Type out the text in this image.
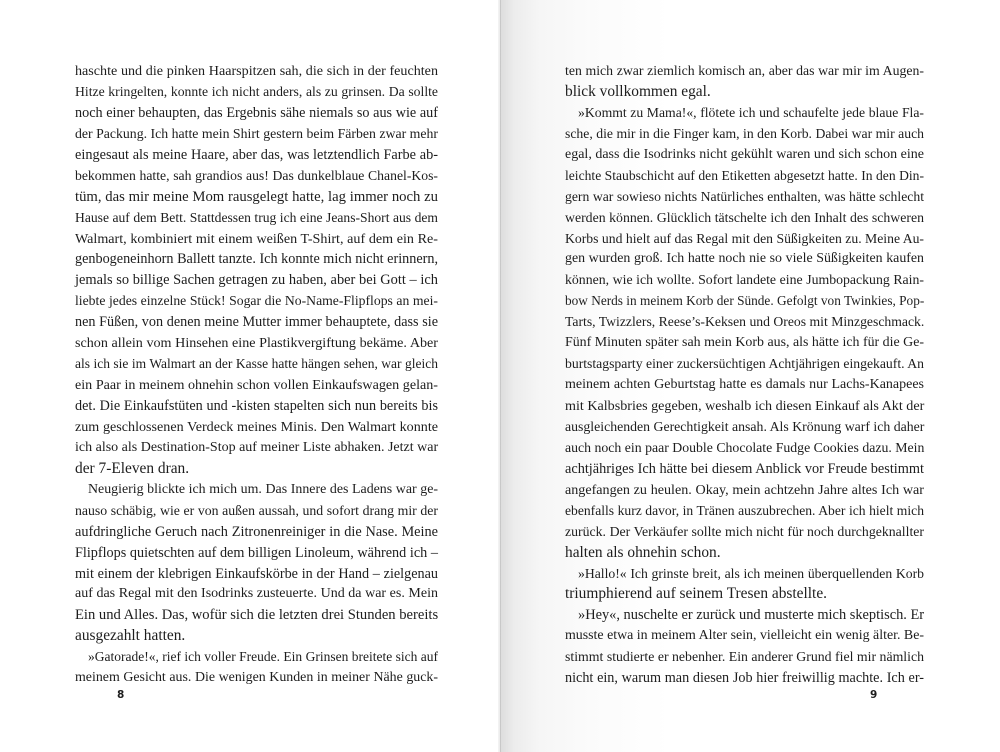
haschte und die pinken Haarspitzen sah, die sich in der feuchten
Hitze kringelten, konnte ich nicht anders, als zu grinsen. Da sollte
noch einer behaupten, das Ergebnis sähe niemals so aus wie auf
der Packung. Ich hatte mein Shirt gestern beim Färben zwar mehr
eingesaut als meine Haare, aber das, was letztendlich Farbe ab-
bekommen hatte, sah grandios aus! Das dunkelblaue Chanel-Kos-
tüm, das mir meine Mom rausgelegt hatte, lag immer noch zu
Hause auf dem Bett. Stattdessen trug ich eine Jeans-Short aus dem
Walmart, kombiniert mit einem weißen T-Shirt, auf dem ein Re-
genbogeneinhorn Ballett tanzte. Ich konnte mich nicht erinnern,
jemals so billige Sachen getragen zu haben, aber bei Gott – ich
liebte jedes einzelne Stück! Sogar die No-Name-Flipflops an mei-
nen Füßen, von denen meine Mutter immer behauptete, dass sie
schon allein vom Hinsehen eine Plastikvergiftung bekäme. Aber
als ich sie im Walmart an der Kasse hatte hängen sehen, war gleich
ein Paar in meinem ohnehin schon vollen Einkaufswagen gelan-
det. Die Einkaufstüten und -kisten stapelten sich nun bereits bis
zum geschlossenen Verdeck meines Minis. Den Walmart konnte
ich also als Destination-Stop auf meiner Liste abhaken. Jetzt war
der 7-Eleven dran.
Neugierig blickte ich mich um. Das Innere des Ladens war ge-
nauso schäbig, wie er von außen aussah, und sofort drang mir der
aufdringliche Geruch nach Zitronenreiniger in die Nase. Meine
Flipflops quietschten auf dem billigen Linoleum, während ich –
mit einem der klebrigen Einkaufskörbe in der Hand – zielgenau
auf das Regal mit den Isodrinks zusteuerte. Und da war es. Mein
Ein und Alles. Das, wofür sich die letzten drei Stunden bereits
ausgezahlt hatten.
»Gatorade!«, rief ich voller Freude. Ein Grinsen breitete sich auf
meinem Gesicht aus. Die wenigen Kunden in meiner Nähe guck-
8
ten mich zwar ziemlich komisch an, aber das war mir im Augen-
blick vollkommen egal.
»Kommt zu Mama!«, flötete ich und schaufelte jede blaue Fla-
sche, die mir in die Finger kam, in den Korb. Dabei war mir auch
egal, dass die Isodrinks nicht gekühlt waren und sich schon eine
leichte Staubschicht auf den Etiketten abgesetzt hatte. In den Din-
gern war sowieso nichts Natürliches enthalten, was hätte schlecht
werden können. Glücklich tätschelte ich den Inhalt des schweren
Korbs und hielt auf das Regal mit den Süßigkeiten zu. Meine Au-
gen wurden groß. Ich hatte noch nie so viele Süßigkeiten kaufen
können, wie ich wollte. Sofort landete eine Jumbopackung Rain-
bow Nerds in meinem Korb der Sünde. Gefolgt von Twinkies, Pop-
Tarts, Twizzlers, Reese’s-Keksen und Oreos mit Minzgeschmack.
Fünf Minuten später sah mein Korb aus, als hätte ich für die Ge-
burtstagsparty einer zuckersüchtigen Achtjährigen eingekauft. An
meinem achten Geburtstag hatte es damals nur Lachs-Kanapees
mit Kalbsbries gegeben, weshalb ich diesen Einkauf als Akt der
ausgleichenden Gerechtigkeit ansah. Als Krönung warf ich daher
auch noch ein paar Double Chocolate Fudge Cookies dazu. Mein
achtjähriges Ich hätte bei diesem Anblick vor Freude bestimmt
angefangen zu heulen. Okay, mein achtzehn Jahre altes Ich war
ebenfalls kurz davor, in Tränen auszubrechen. Aber ich hielt mich
zurück. Der Verkäufer sollte mich nicht für noch durchgeknallter
halten als ohnehin schon.
»Hallo!« Ich grinste breit, als ich meinen überquellenden Korb
triumphierend auf seinem Tresen abstellte.
»Hey«, nuschelte er zurück und musterte mich skeptisch. Er
musste etwa in meinem Alter sein, vielleicht ein wenig älter. Be-
stimmt studierte er nebenher. Ein anderer Grund fiel mir nämlich
nicht ein, warum man diesen Job hier freiwillig machte. Ich er-
9
